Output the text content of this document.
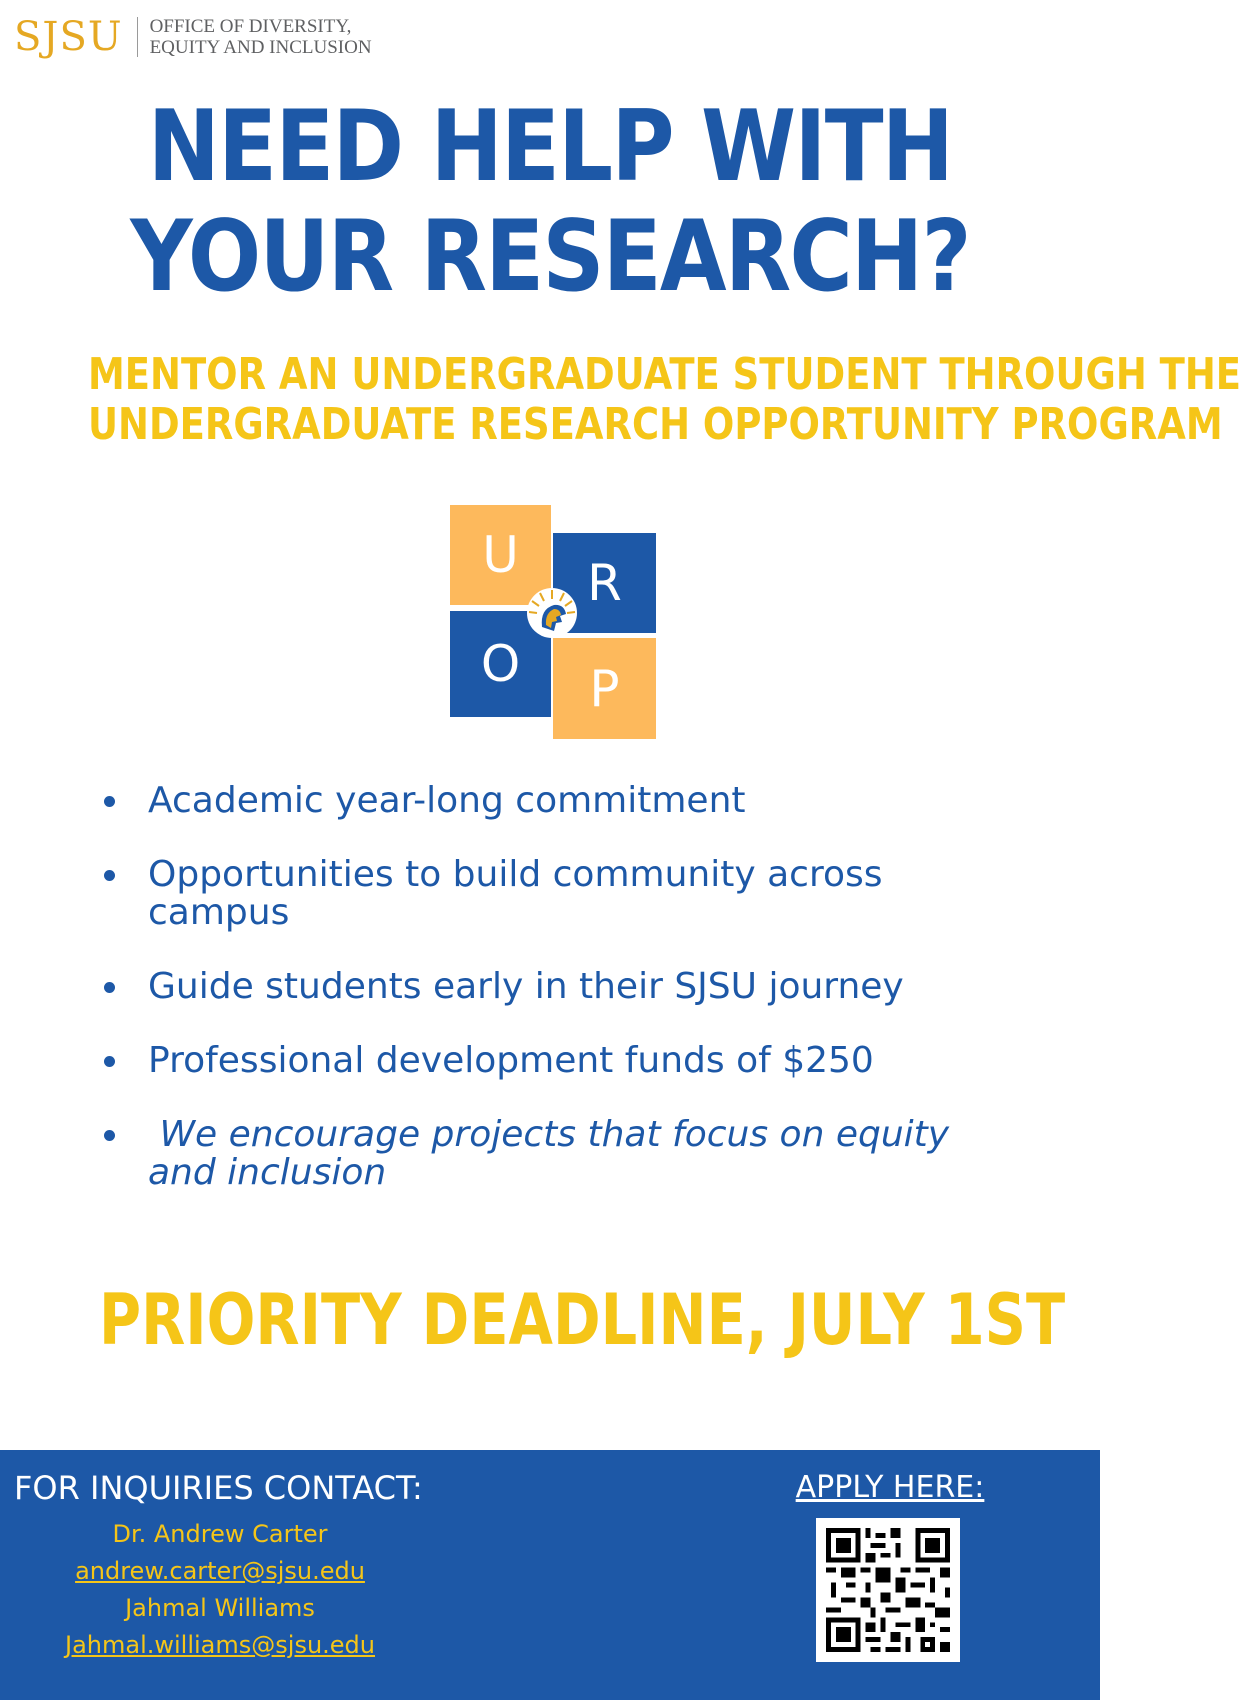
SJSU OFFICE OF DIVERSITY,
EQUITY AND INCLUSION
NEED HELP WITH
YOUR RESEARCH?
MENTOR AN UNDERGRADUATE STUDENT THROUGH THE
UNDERGRADUATE RESEARCH OPPORTUNITY PROGRAM
U	R
O	P
Academic year-long commitment
Opportunities to build community across campus
Guide students early in their SJSU journey
Professional development funds of $250
We encourage projects that focus on equity and inclusion
PRIORITY DEADLINE, JULY 1ST
FOR INQUIRIES CONTACT:
Dr. Andrew Carter
andrew.carter@sjsu.edu
Jahmal Williams
Jahmal.williams@sjsu.edu
APPLY HERE:
